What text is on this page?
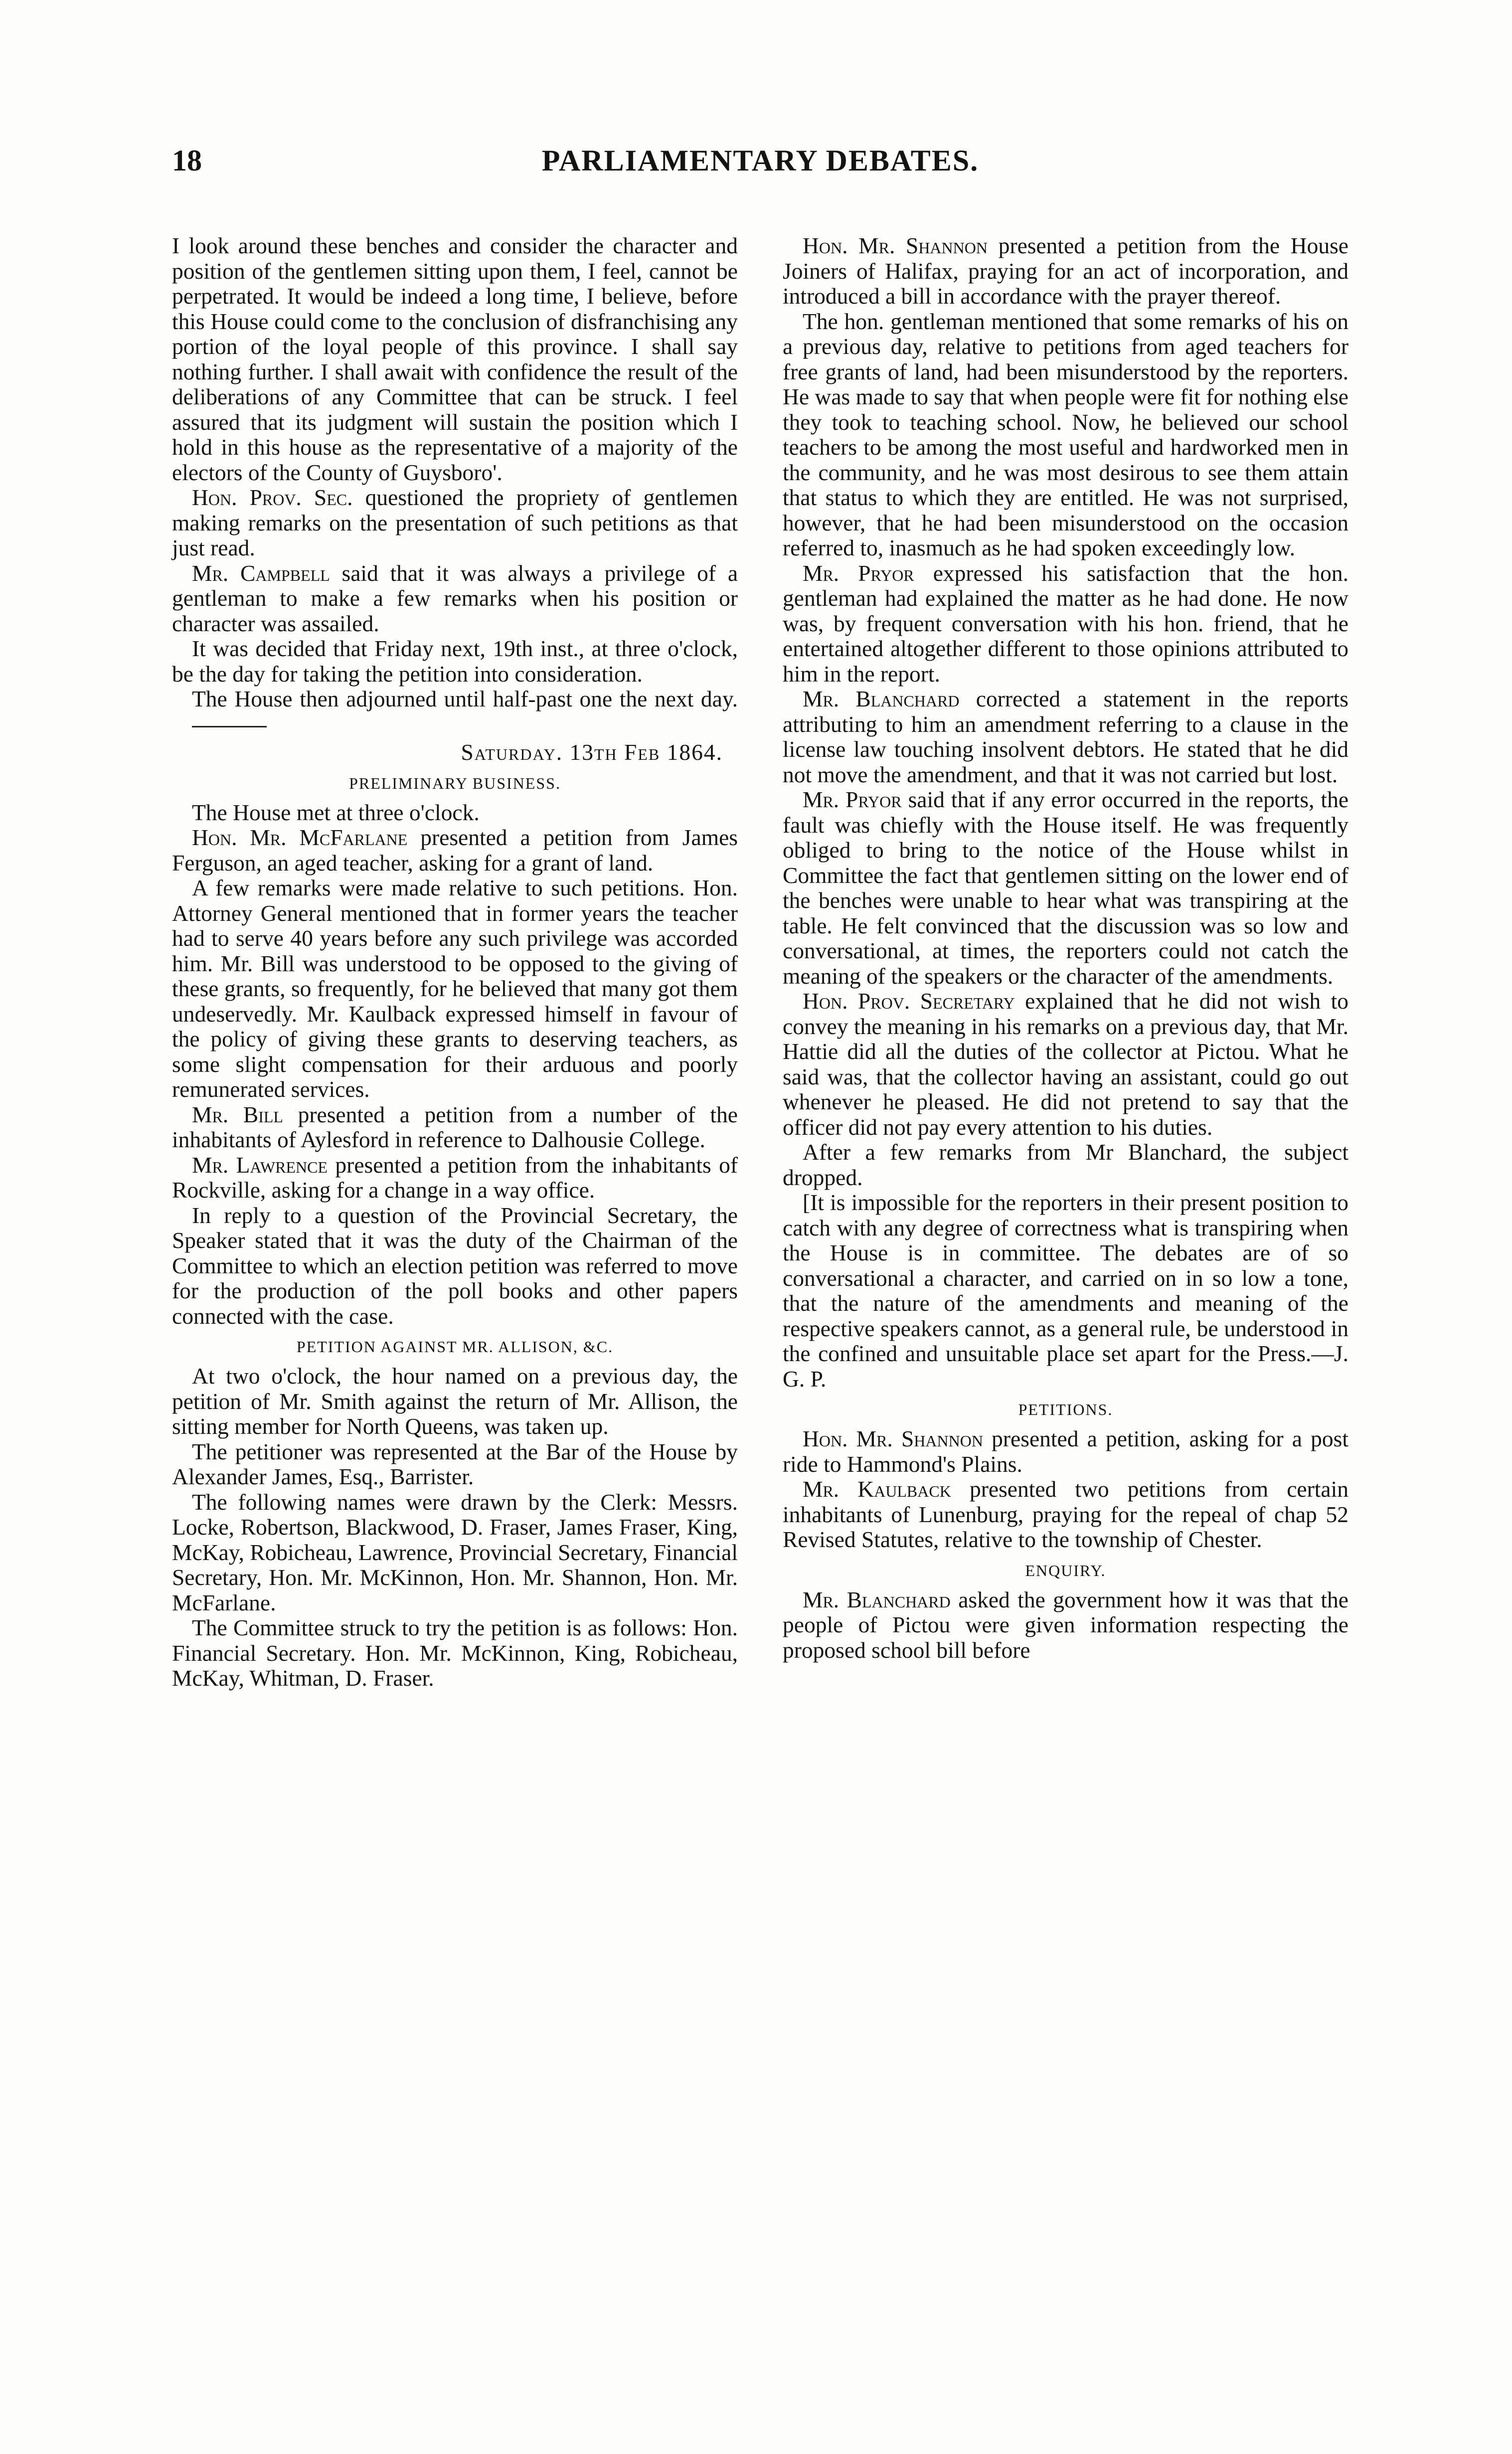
18	PARLIAMENTARY DEBATES.

I look around these benches and consider the character and position of the gentlemen sitting upon them, I feel, cannot be perpetrated. It would be indeed a long time, I believe, before this House could come to the conclusion of disfranchising any portion of the loyal people of this province. I shall say nothing further. I shall await with confidence the result of the deliberations of any Committee that can be struck. I feel assured that its judgment will sustain the position which I hold in this house as the representative of a majority of the electors of the County of Guysboro'.

Hon. Prov. Sec. questioned the propriety of gentlemen making remarks on the presentation of such petitions as that just read.

Mr. Campbell said that it was always a privilege of a gentleman to make a few remarks when his position or character was assailed.

It was decided that Friday next, 19th inst., at three o'clock, be the day for taking the petition into consideration.

The House then adjourned until half-past one the next day.

Saturday. 13th Feb 1864.
PRELIMINARY BUSINESS.

The House met at three o'clock.

Hon. Mr. McFarlane presented a petition from James Ferguson, an aged teacher, asking for a grant of land.

A few remarks were made relative to such petitions. Hon. Attorney General mentioned that in former years the teacher had to serve 40 years before any such privilege was accorded him. Mr. Bill was understood to be opposed to the giving of these grants, so frequently, for he believed that many got them undeservedly. Mr. Kaulback expressed himself in favour of the policy of giving these grants to deserving teachers, as some slight compensation for their arduous and poorly remunerated services.

Mr. Bill presented a petition from a number of the inhabitants of Aylesford in reference to Dalhousie College.

Mr. Lawrence presented a petition from the inhabitants of Rockville, asking for a change in a way office.

In reply to a question of the Provincial Secretary, the Speaker stated that it was the duty of the Chairman of the Committee to which an election petition was referred to move for the production of the poll books and other papers connected with the case.

PETITION AGAINST MR. ALLISON, &C.

At two o'clock, the hour named on a previous day, the petition of Mr. Smith against the return of Mr. Allison, the sitting member for North Queens, was taken up.

The petitioner was represented at the Bar of the House by Alexander James, Esq., Barrister.

The following names were drawn by the Clerk: Messrs. Locke, Robertson, Blackwood, D. Fraser, James Fraser, King, McKay, Robicheau, Lawrence, Provincial Secretary, Financial Secretary, Hon. Mr. McKinnon, Hon. Mr. Shannon, Hon. Mr. McFarlane.

The Committee struck to try the petition is as follows: Hon. Financial Secretary. Hon. Mr. McKinnon, King, Robicheau, McKay, Whitman, D. Fraser.

Hon. Mr. Shannon presented a petition from the House Joiners of Halifax, praying for an act of incorporation, and introduced a bill in accordance with the prayer thereof.

The hon. gentleman mentioned that some remarks of his on a previous day, relative to petitions from aged teachers for free grants of land, had been misunderstood by the reporters. He was made to say that when people were fit for nothing else they took to teaching school. Now, he believed our school teachers to be among the most useful and hardworked men in the community, and he was most desirous to see them attain that status to which they are entitled. He was not surprised, however, that he had been misunderstood on the occasion referred to, inasmuch as he had spoken exceedingly low.

Mr. Pryor expressed his satisfaction that the hon. gentleman had explained the matter as he had done. He now was, by frequent conversation with his hon. friend, that he entertained altogether different to those opinions attributed to him in the report.

Mr. Blanchard corrected a statement in the reports attributing to him an amendment referring to a clause in the license law touching insolvent debtors. He stated that he did not move the amendment, and that it was not carried but lost.

Mr. Pryor said that if any error occurred in the reports, the fault was chiefly with the House itself. He was frequently obliged to bring to the notice of the House whilst in Committee the fact that gentlemen sitting on the lower end of the benches were unable to hear what was transpiring at the table. He felt convinced that the discussion was so low and conversational, at times, the reporters could not catch the meaning of the speakers or the character of the amendments.

Hon. Prov. Secretary explained that he did not wish to convey the meaning in his remarks on a previous day, that Mr. Hattie did all the duties of the collector at Pictou. What he said was, that the collector having an assistant, could go out whenever he pleased. He did not pretend to say that the officer did not pay every attention to his duties.

After a few remarks from Mr Blanchard, the subject dropped.

[It is impossible for the reporters in their present position to catch with any degree of correctness what is transpiring when the House is in committee. The debates are of so conversational a character, and carried on in so low a tone, that the nature of the amendments and meaning of the respective speakers cannot, as a general rule, be understood in the confined and unsuitable place set apart for the Press.—J. G. P.

PETITIONS.

Hon. Mr. Shannon presented a petition, asking for a post ride to Hammond's Plains.

Mr. Kaulback presented two petitions from certain inhabitants of Lunenburg, praying for the repeal of chap 52 Revised Statutes, relative to the township of Chester.

ENQUIRY.

Mr. Blanchard asked the government how it was that the people of Pictou were given information respecting the proposed school bill before
